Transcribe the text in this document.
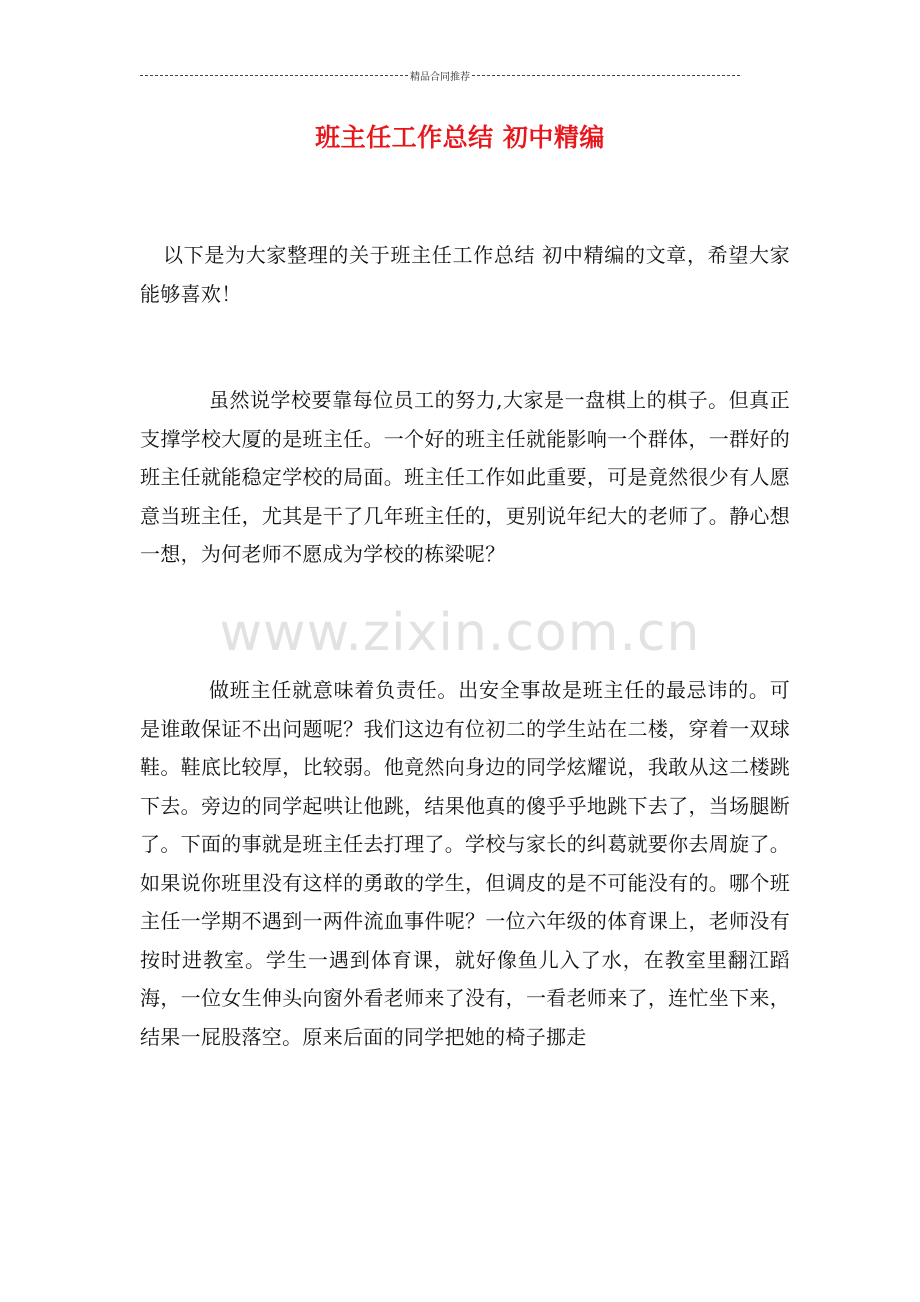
精品合同推荐
班主任工作总结 初中精编
以下是为大家整理的关于班主任工作总结 初中精编的文章，希望大家能够喜欢！
虽然说学校要靠每位员工的努力,大家是一盘棋上的棋子。但真正支撑学校大厦的是班主任。一个好的班主任就能影响一个群体，一群好的班主任就能稳定学校的局面。班主任工作如此重要，可是竟然很少有人愿意当班主任，尤其是干了几年班主任的，更别说年纪大的老师了。静心想一想，为何老师不愿成为学校的栋梁呢？
www.zixin.com.cn
做班主任就意味着负责任。出安全事故是班主任的最忌讳的。可是谁敢保证不出问题呢？我们这边有位初二的学生站在二楼，穿着一双球鞋。鞋底比较厚，比较弱。他竟然向身边的同学炫耀说，我敢从这二楼跳下去。旁边的同学起哄让他跳，结果他真的傻乎乎地跳下去了，当场腿断了。下面的事就是班主任去打理了。学校与家长的纠葛就要你去周旋了。如果说你班里没有这样的勇敢的学生，但调皮的是不可能没有的。哪个班主任一学期不遇到一两件流血事件呢？一位六年级的体育课上，老师没有按时进教室。学生一遇到体育课，就好像鱼儿入了水，在教室里翻江蹈海，一位女生伸头向窗外看老师来了没有，一看老师来了，连忙坐下来，结果一屁股落空。原来后面的同学把她的椅子挪走
